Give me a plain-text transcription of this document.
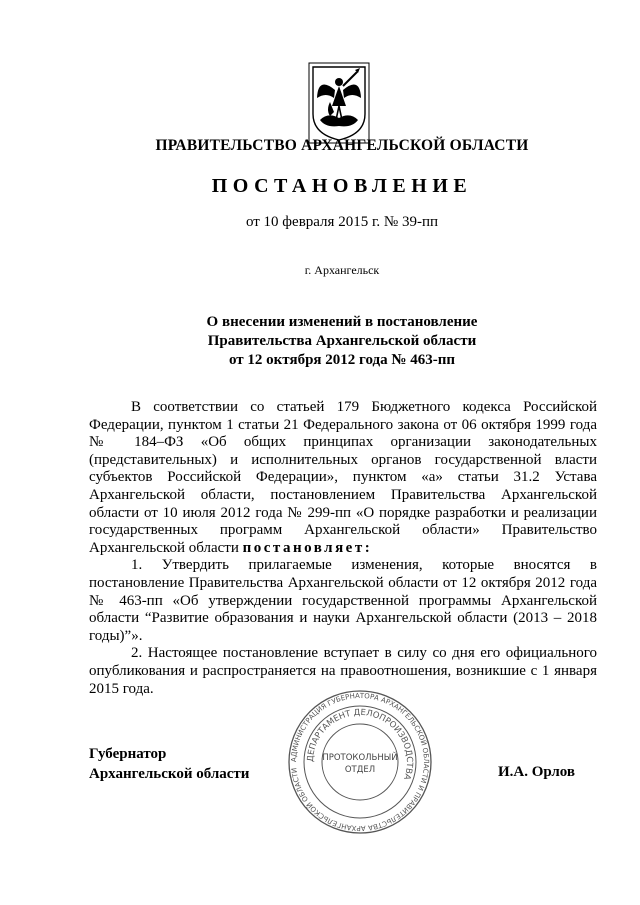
ПРАВИТЕЛЬСТВО АРХАНГЕЛЬСКОЙ ОБЛАСТИ
ПОСТАНОВЛЕНИЕ
от 10 февраля 2015 г. № 39-пп
г. Архангельск
О внесении изменений в постановление
Правительства Архангельской области
от 12 октября 2012 года № 463-пп

В соответствии со статьей 179 Бюджетного кодекса Российской Федерации, пунктом 1 статьи 21 Федерального закона от 06 октября 1999 года № 184–ФЗ «Об общих принципах организации законодательных (представительных) и исполнительных органов государственной власти субъектов Российской Федерации», пунктом «а» статьи 31.2 Устава Архангельской области, постановлением Правительства Архангельской области от 10 июля 2012 года № 299-пп «О порядке разработки и реализации государственных программ Архангельской области» Правительство Архангельской области постановляет:

1. Утвердить прилагаемые изменения, которые вносятся в постановление Правительства Архангельской области от 12 октября 2012 года № 463-пп «Об утверждении государственной программы Архангельской области “Развитие образования и науки Архангельской области (2013 – 2018 годы)”».

2. Настоящее постановление вступает в силу со дня его официального опубликования и распространяется на правоотношения, возникшие с 1 января 2015 года.

Губернатор
Архангельской области	И.А. Орлов
АДМИНИСТРАЦИЯ ГУБЕРНАТОРА АРХАНГЕЛЬСКОЙ ОБЛАСТИ И ПРАВИТЕЛЬСТВА АРХАНГЕЛЬСКОЙ ОБЛАСТИ
ДЕПАРТАМЕНТ ДЕЛОПРОИЗВОДСТВА
ПРОТОКОЛЬНЫЙ
ОТДЕЛ
